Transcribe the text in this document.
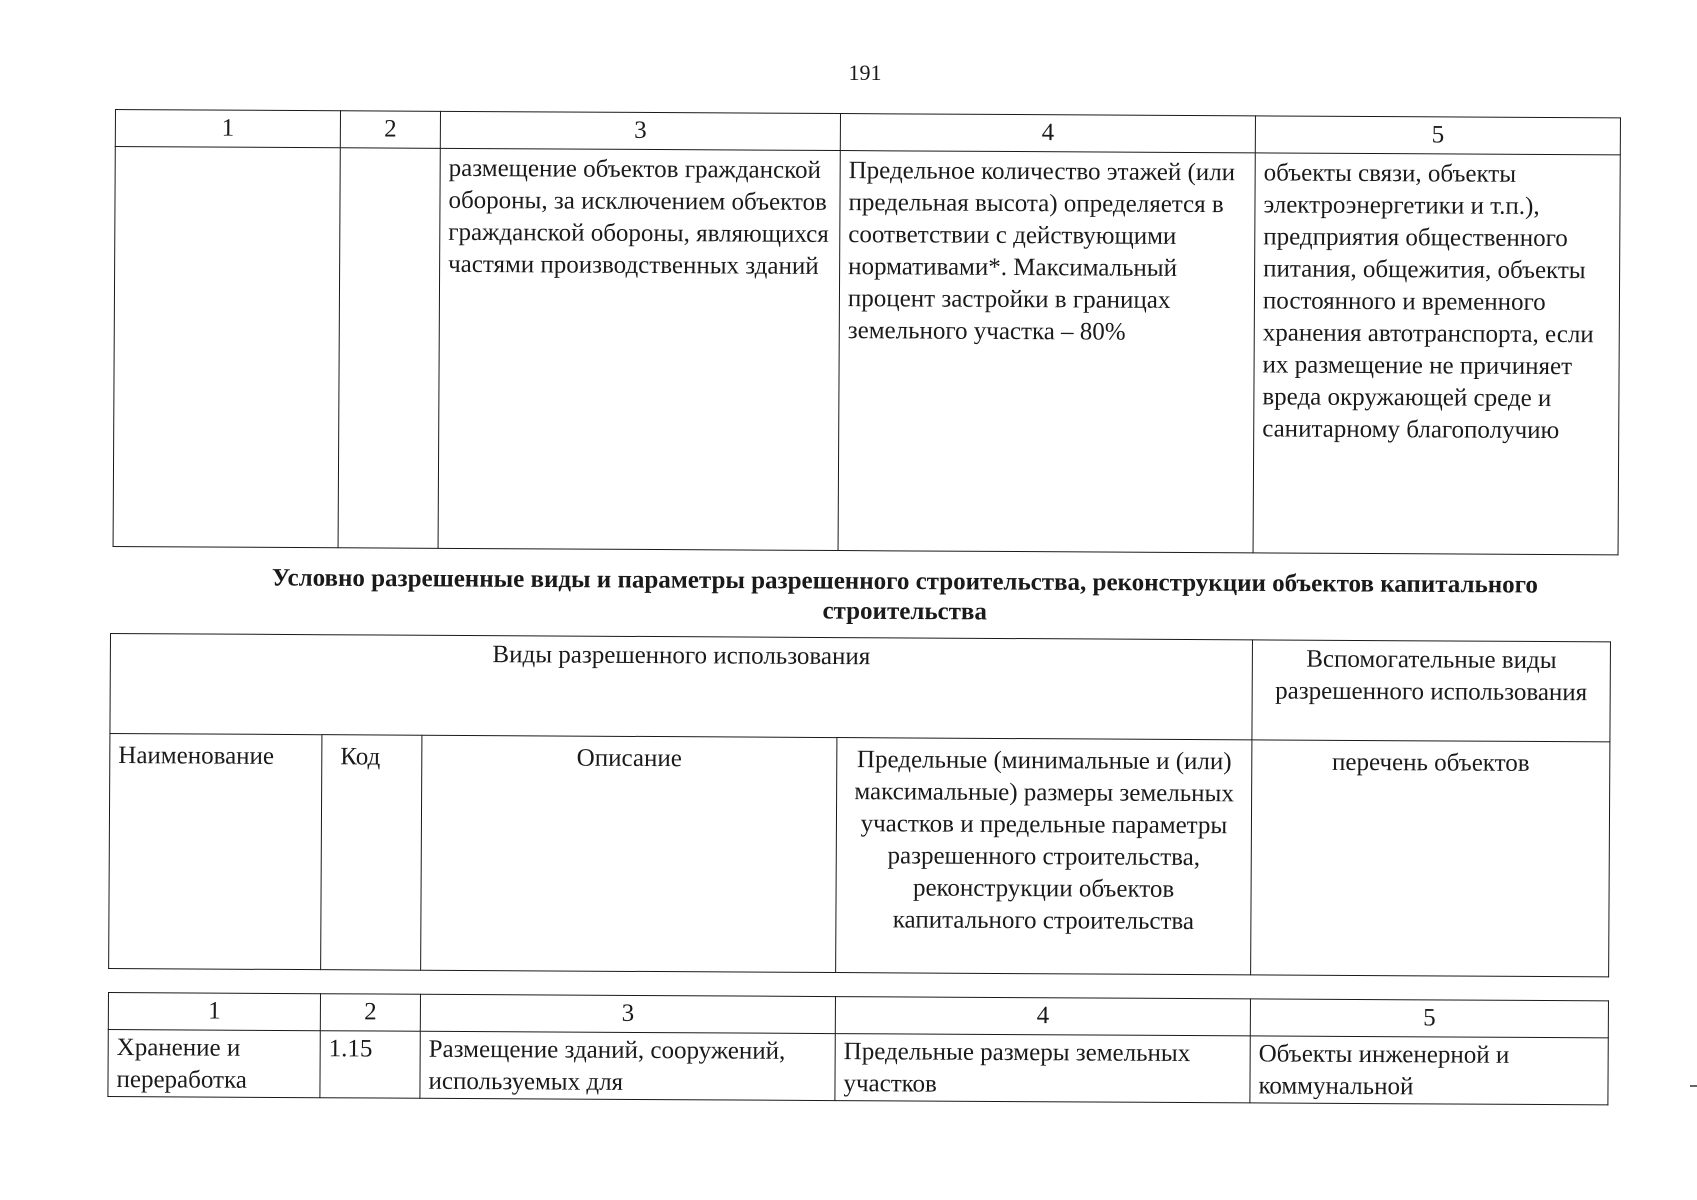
191
1	2	3	4	5
		размещение объектов гражданской обороны, за исключением объектов гражданской обороны, являющихся частями производственных зданий	Предельное количество этажей (или предельная высота) определяется в соответствии с действующими нормативами*. Максимальный процент застройки в границах земельного участка – 80%	объекты связи, объекты электроэнергетики и т.п.), предприятия общественного питания, общежития, объекты постоянного и временного хранения автотранспорта, если их размещение не причиняет вреда окружающей среде и санитарному благополучию
Условно разрешенные виды и параметры разрешенного строительства, реконструкции объектов капитального строительства
Виды разрешенного использования				Вспомогательные виды разрешенного использования
Наименование	Код	Описание	Предельные (минимальные и (или) максимальные) размеры земельных участков и предельные параметры разрешенного строительства, реконструкции объектов капитального строительства	перечень объектов
1	2	3	4	5
Хранение и переработка	1.15	Размещение зданий, сооружений, используемых для	Предельные размеры земельных участков	Объекты инженерной и коммунальной
